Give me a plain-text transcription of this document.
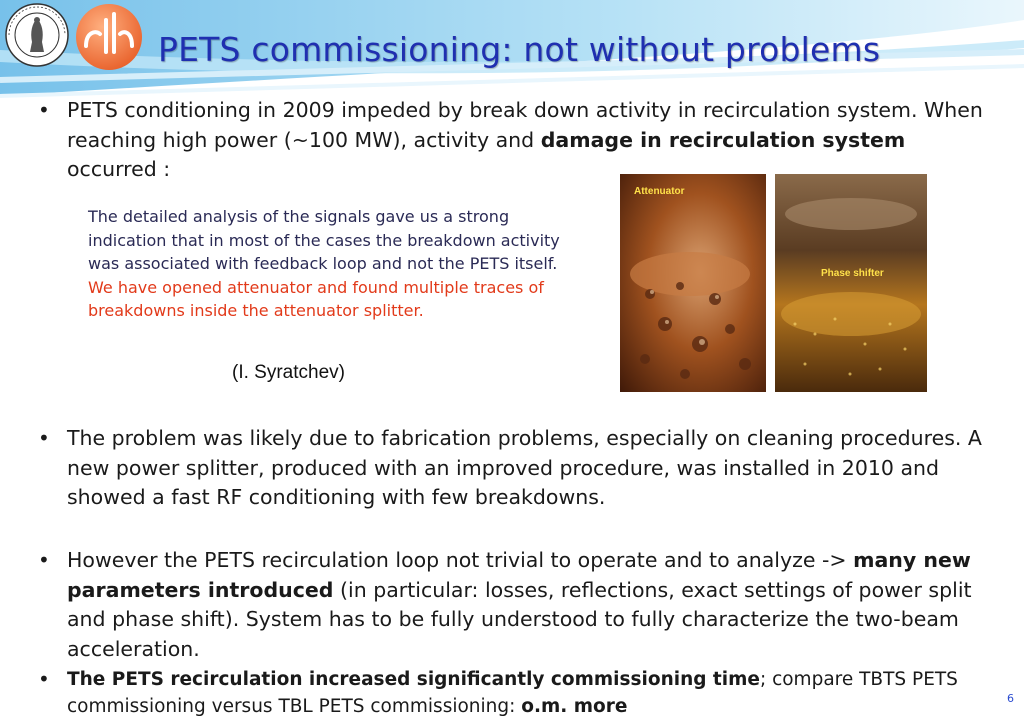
PETS commissioning: not without problems
• PETS conditioning in 2009 impeded by break down activity in recirculation system. When reaching high power (~100 MW), activity and damage in recirculation system occurred :
The detailed analysis of the signals gave us a strong indication that in most of the cases the breakdown activity was associated with feedback loop and not the PETS itself.
We have opened attenuator and found multiple traces of breakdowns inside the attenuator splitter.
(I. Syratchev)
Attenuator
Phase shifter
• The problem was likely due to fabrication problems, especially on cleaning procedures. A new power splitter, produced with an improved procedure, was installed in 2010 and showed a fast RF conditioning with few breakdowns.
• However the PETS recirculation loop not trivial to operate and to analyze -> many new parameters introduced (in particular: losses, reflections, exact settings of power split and phase shift). System has to be fully understood to fully characterize the two-beam acceleration.
• The PETS recirculation increased significantly commissioning time; compare TBTS PETS commissioning versus TBL PETS commissioning: o.m. more	6
